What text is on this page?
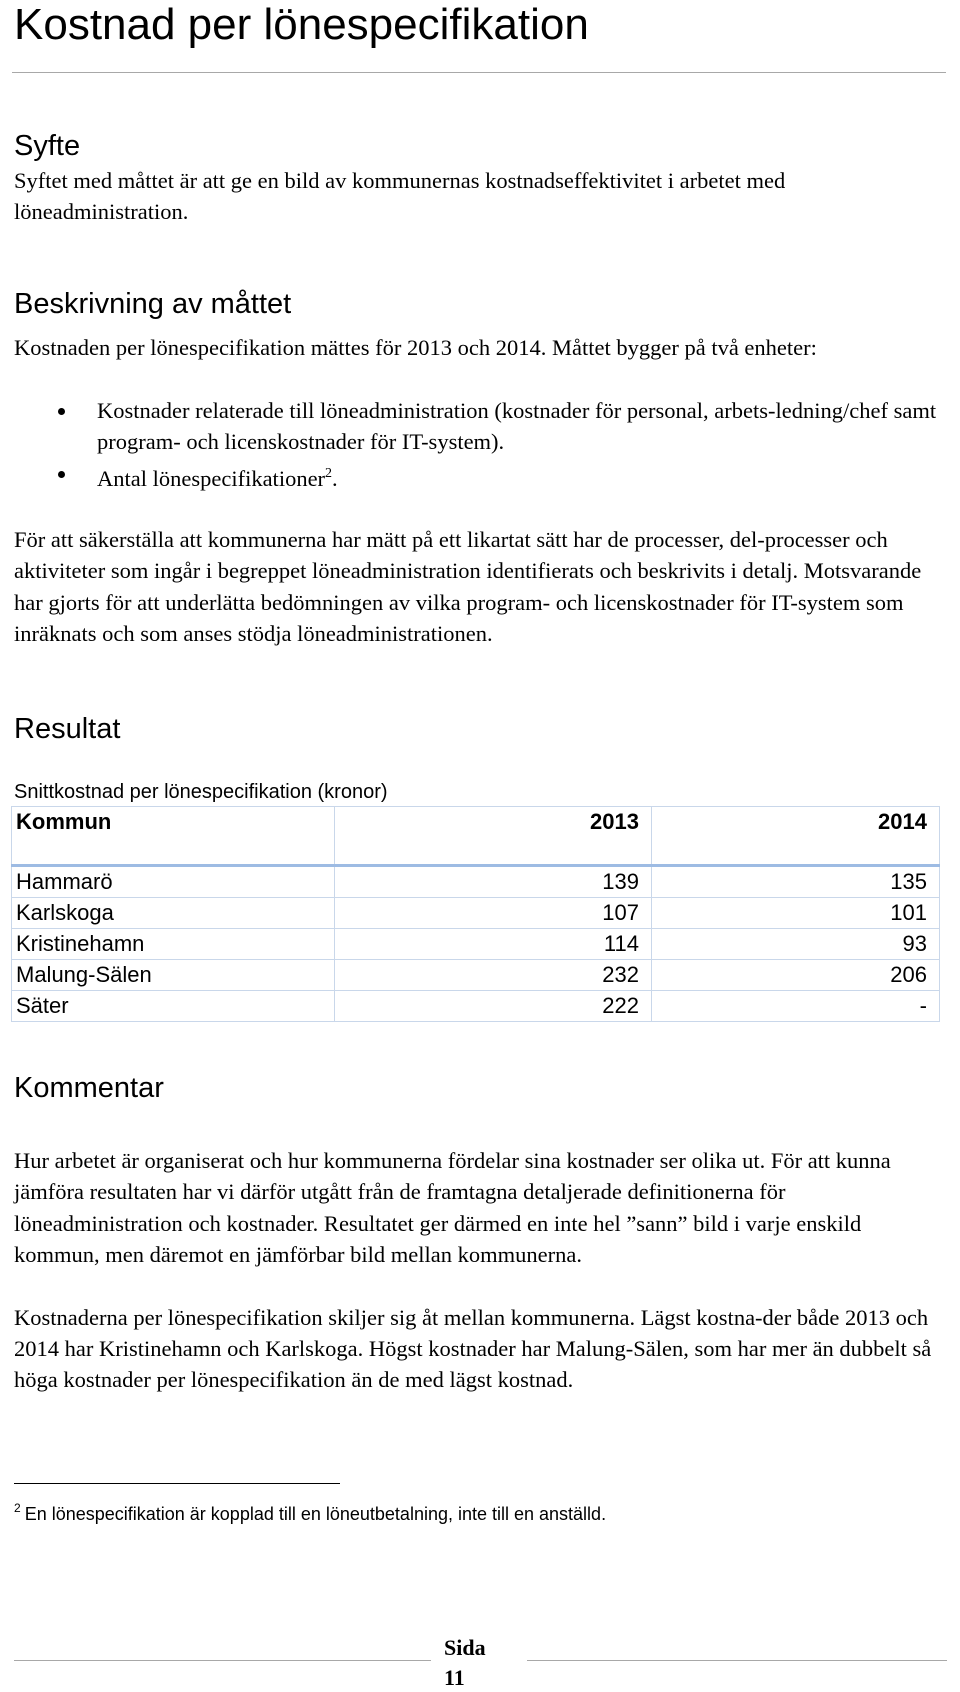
Kostnad per lönespecifikation
Syfte

Syftet med måttet är att ge en bild av kommunernas kostnadseffektivitet i arbetet med löneadministration.

Beskrivning av måttet

Kostnaden per lönespecifikation mättes för 2013 och 2014. Måttet bygger på två enheter:

Kostnader relaterade till löneadministration (kostnader för personal, arbets-ledning/chef samt program- och licenskostnader för IT-system).
Antal lönespecifikationer$^2$.

För att säkerställa att kommunerna har mätt på ett likartat sätt har de processer, del-processer och aktiviteter som ingår i begreppet löneadministration identifierats och beskrivits i detalj. Motsvarande har gjorts för att underlätta bedömningen av vilka program- och licenskostnader för IT-system som inräknats och som anses stödja löneadministrationen.

Resultat
Snittkostnad per lönespecifikation (kronor)
Kommun	2013	2014
Hammarö	139	135
Karlskoga	107	101
Kristinehamn	114	93
Malung-Sälen	232	206
Säter	222	-
Kommentar

Hur arbetet är organiserat och hur kommunerna fördelar sina kostnader ser olika ut. För att kunna jämföra resultaten har vi därför utgått från de framtagna detaljerade definitionerna för löneadministration och kostnader. Resultatet ger därmed en inte hel ”sann” bild i varje enskild kommun, men däremot en jämförbar bild mellan kommunerna.

Kostnaderna per lönespecifikation skiljer sig åt mellan kommunerna. Lägst kostna-der både 2013 och 2014 har Kristinehamn och Karlskoga. Högst kostnader har Malung-Sälen, som har mer än dubbelt så höga kostnader per lönespecifikation än de med lägst kostnad.

$^2$ En lönespecifikation är kopplad till en löneutbetalning, inte till en anställd.
Sida
11
